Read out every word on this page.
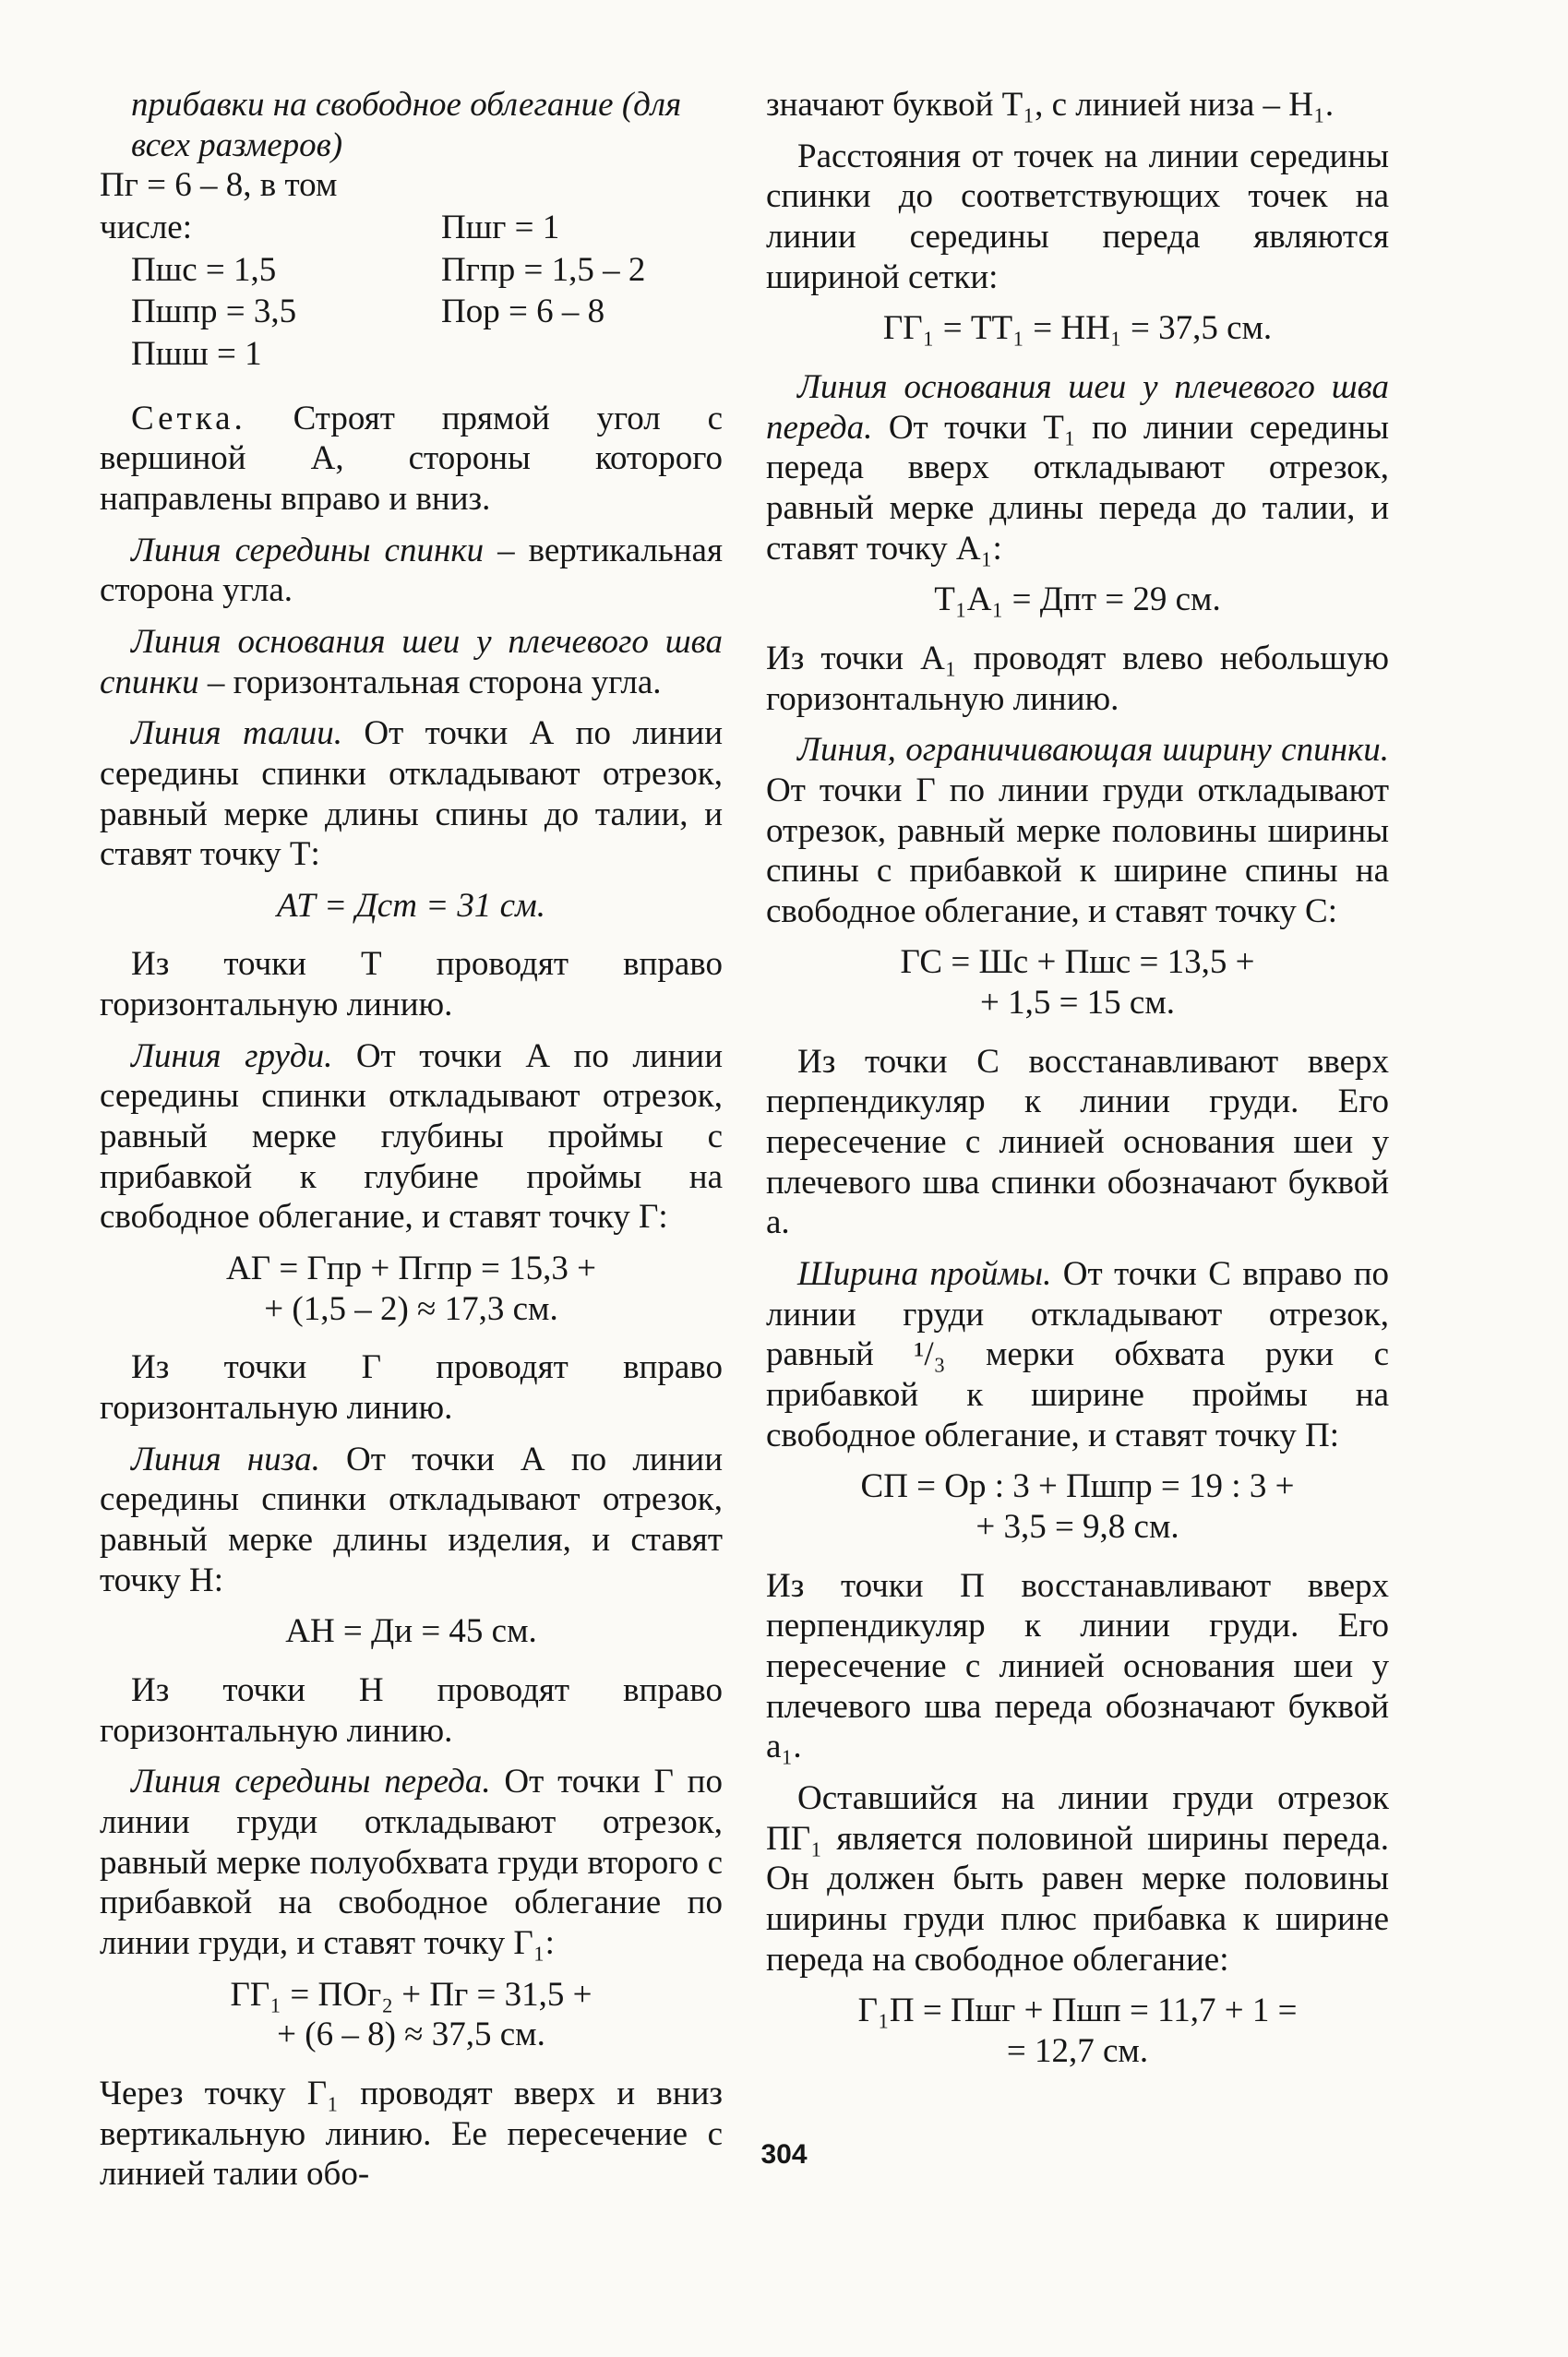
прибавки на свободное облегание (для всех размеров)
Пг = 6 – 8, в том
числе:	Пшг = 1
Пшс = 1,5	Пгпр = 1,5 – 2
Пшпр = 3,5	Пор = 6 – 8
Пшш = 1

Сетка. Строят прямой угол с вершиной А, стороны которого направлены вправо и вниз.

Линия середины спинки – вертикальная сторона угла.

Линия основания шеи у плечевого шва спинки – горизонтальная сторона угла.

Линия талии. От точки А по линии середины спинки откладывают отрезок, равный мерке длины спины до талии, и ставят точку Т:

АТ = Дст = 31 см.

Из точки Т проводят вправо горизонтальную линию.

Линия груди. От точки А по линии середины спинки откладывают отрезок, равный мерке глубины проймы с прибавкой к глубине проймы на свободное облегание, и ставят точку Г:

АГ = Гпр + Пгпр = 15,3 +
+ (1,5 – 2) ≈ 17,3 см.

Из точки Г проводят вправо горизонтальную линию.

Линия низа. От точки А по линии середины спинки откладывают отрезок, равный мерке длины изделия, и ставят точку Н:

АН = Ди = 45 см.

Из точки Н проводят вправо горизонтальную линию.

Линия середины переда. От точки Г по линии груди откладывают отрезок, равный мерке полуобхвата груди второго с прибавкой на свободное облегание по линии груди, и ставят точку Г₁:

ГГ₁ = ПОг₂ + Пг = 31,5 +
+ (6 – 8) ≈ 37,5 см.

Через точку Г₁ проводят вверх и вниз вертикальную линию. Ее пересечение с линией талии обо-

значают буквой Т₁, с линией низа – Н₁.

Расстояния от точек на линии середины спинки до соответствующих точек на линии середины переда являются шириной сетки:

ГГ₁ = ТТ₁ = НН₁ = 37,5 см.

Линия основания шеи у плечевого шва переда. От точки Т₁ по линии середины переда вверх откладывают отрезок, равный мерке длины переда до талии, и ставят точку А₁:

Т₁А₁ = Дпт = 29 см.

Из точки А₁ проводят влево небольшую горизонтальную линию.

Линия, ограничивающая ширину спинки. От точки Г по линии груди откладывают отрезок, равный мерке половины ширины спины с прибавкой к ширине спины на свободное облегание, и ставят точку С:

ГС = Шс + Пшс = 13,5 +
+ 1,5 = 15 см.

Из точки С восстанавливают вверх перпендикуляр к линии груди. Его пересечение с линией основания шеи у плечевого шва спинки обозначают буквой а.

Ширина проймы. От точки С вправо по линии груди откладывают отрезок, равный ¹/₃ мерки обхвата руки с прибавкой к ширине проймы на свободное облегание, и ставят точку П:

СП = Ор : 3 + Пшпр = 19 : 3 +
+ 3,5 = 9,8 см.

Из точки П восстанавливают вверх перпендикуляр к линии груди. Его пересечение с линией основания шеи у плечевого шва переда обозначают буквой а₁.

Оставшийся на линии груди отрезок ПГ₁ является половиной ширины переда. Он должен быть равен мерке половины ширины груди плюс прибавка к ширине переда на свободное облегание:

Г₁П = Пшг + Пшп = 11,7 + 1 =
= 12,7 см.
304
